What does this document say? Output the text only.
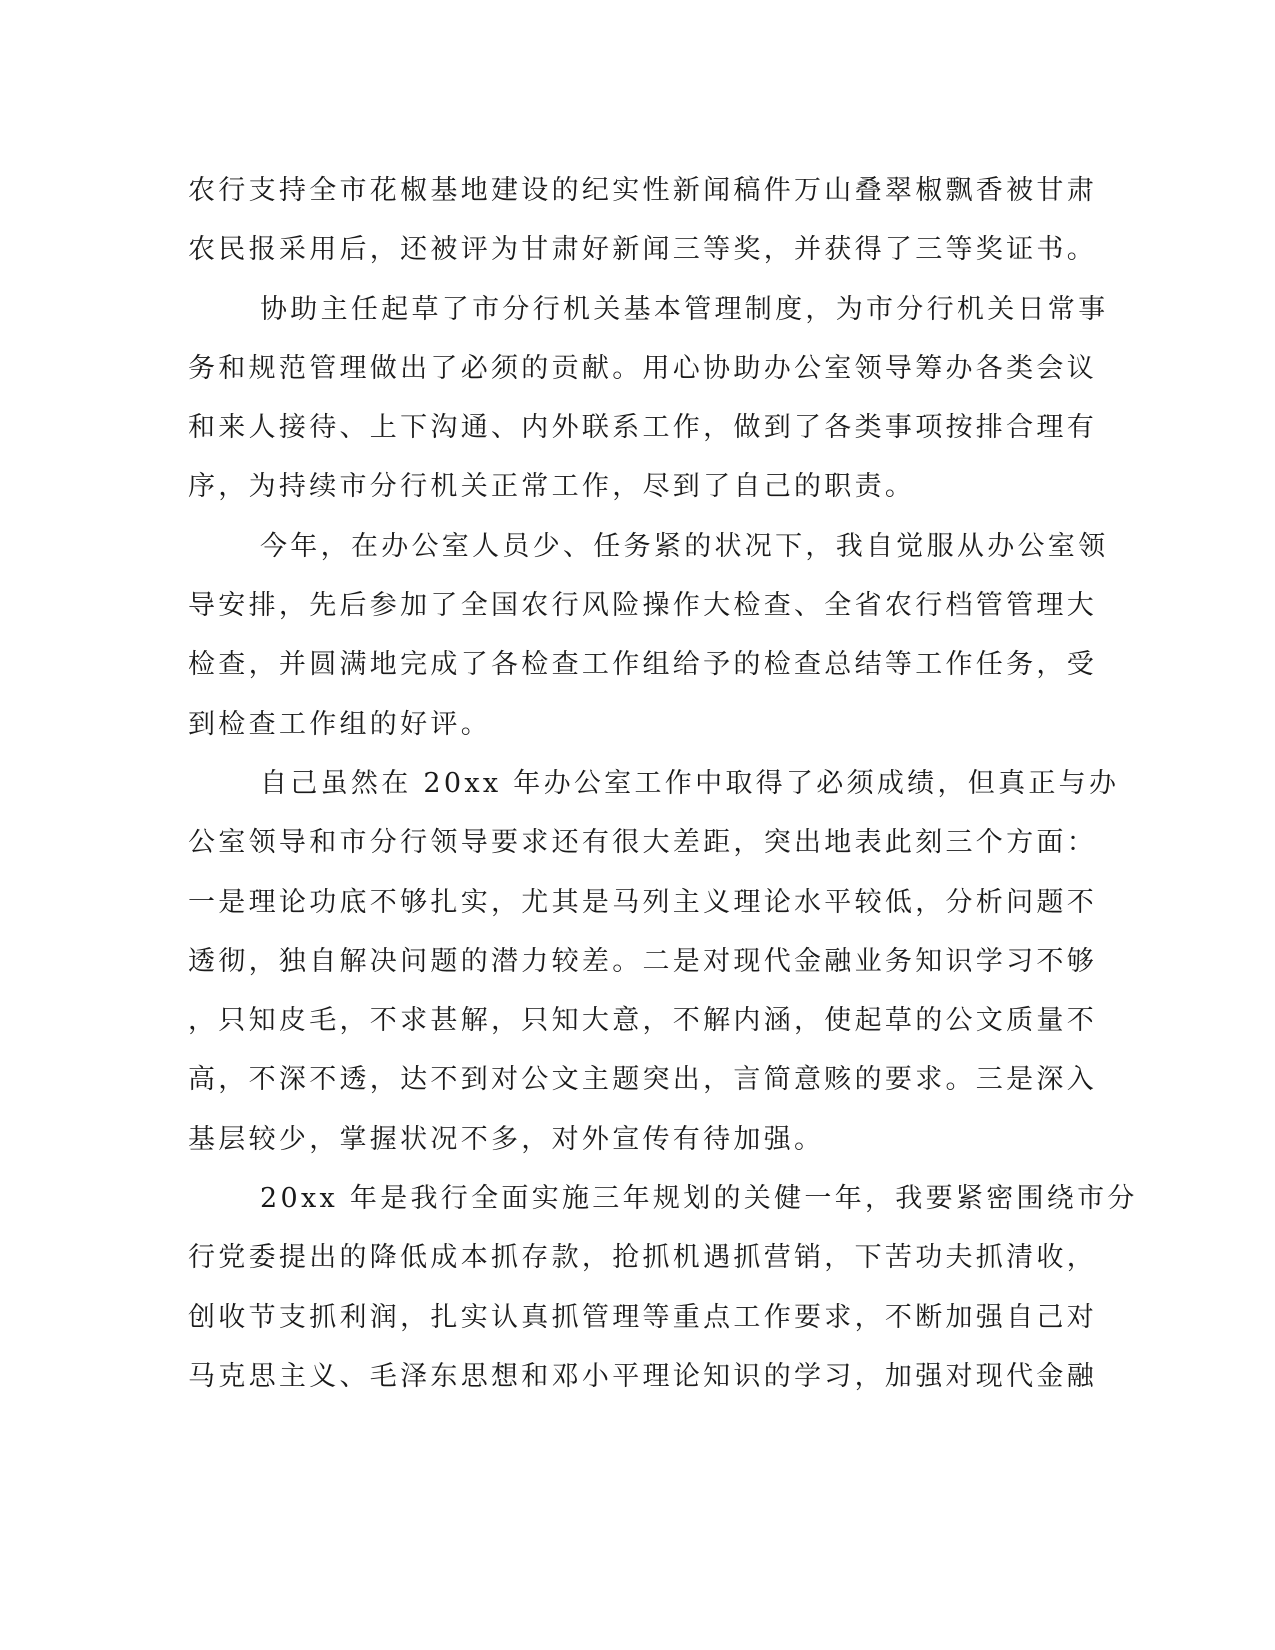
农行支持全市花椒基地建设的纪实性新闻稿件万山叠翠椒飘香被甘肃
农民报采用后，还被评为甘肃好新闻三等奖，并获得了三等奖证书。
协助主任起草了市分行机关基本管理制度，为市分行机关日常事
务和规范管理做出了必须的贡献。用心协助办公室领导筹办各类会议
和来人接待、上下沟通、内外联系工作，做到了各类事项按排合理有
序，为持续市分行机关正常工作，尽到了自己的职责。
今年，在办公室人员少、任务紧的状况下，我自觉服从办公室领
导安排，先后参加了全国农行风险操作大检查、全省农行档管管理大
检查，并圆满地完成了各检查工作组给予的检查总结等工作任务，受
到检查工作组的好评。
自己虽然在 20xx 年办公室工作中取得了必须成绩，但真正与办
公室领导和市分行领导要求还有很大差距，突出地表此刻三个方面：
一是理论功底不够扎实，尤其是马列主义理论水平较低，分析问题不
透彻，独自解决问题的潜力较差。二是对现代金融业务知识学习不够
，只知皮毛，不求甚解，只知大意，不解内涵，使起草的公文质量不
高，不深不透，达不到对公文主题突出，言简意赅的要求。三是深入
基层较少，掌握状况不多，对外宣传有待加强。
20xx 年是我行全面实施三年规划的关健一年，我要紧密围绕市分
行党委提出的降低成本抓存款，抢抓机遇抓营销，下苦功夫抓清收，
创收节支抓利润，扎实认真抓管理等重点工作要求，不断加强自己对
马克思主义、毛泽东思想和邓小平理论知识的学习，加强对现代金融
